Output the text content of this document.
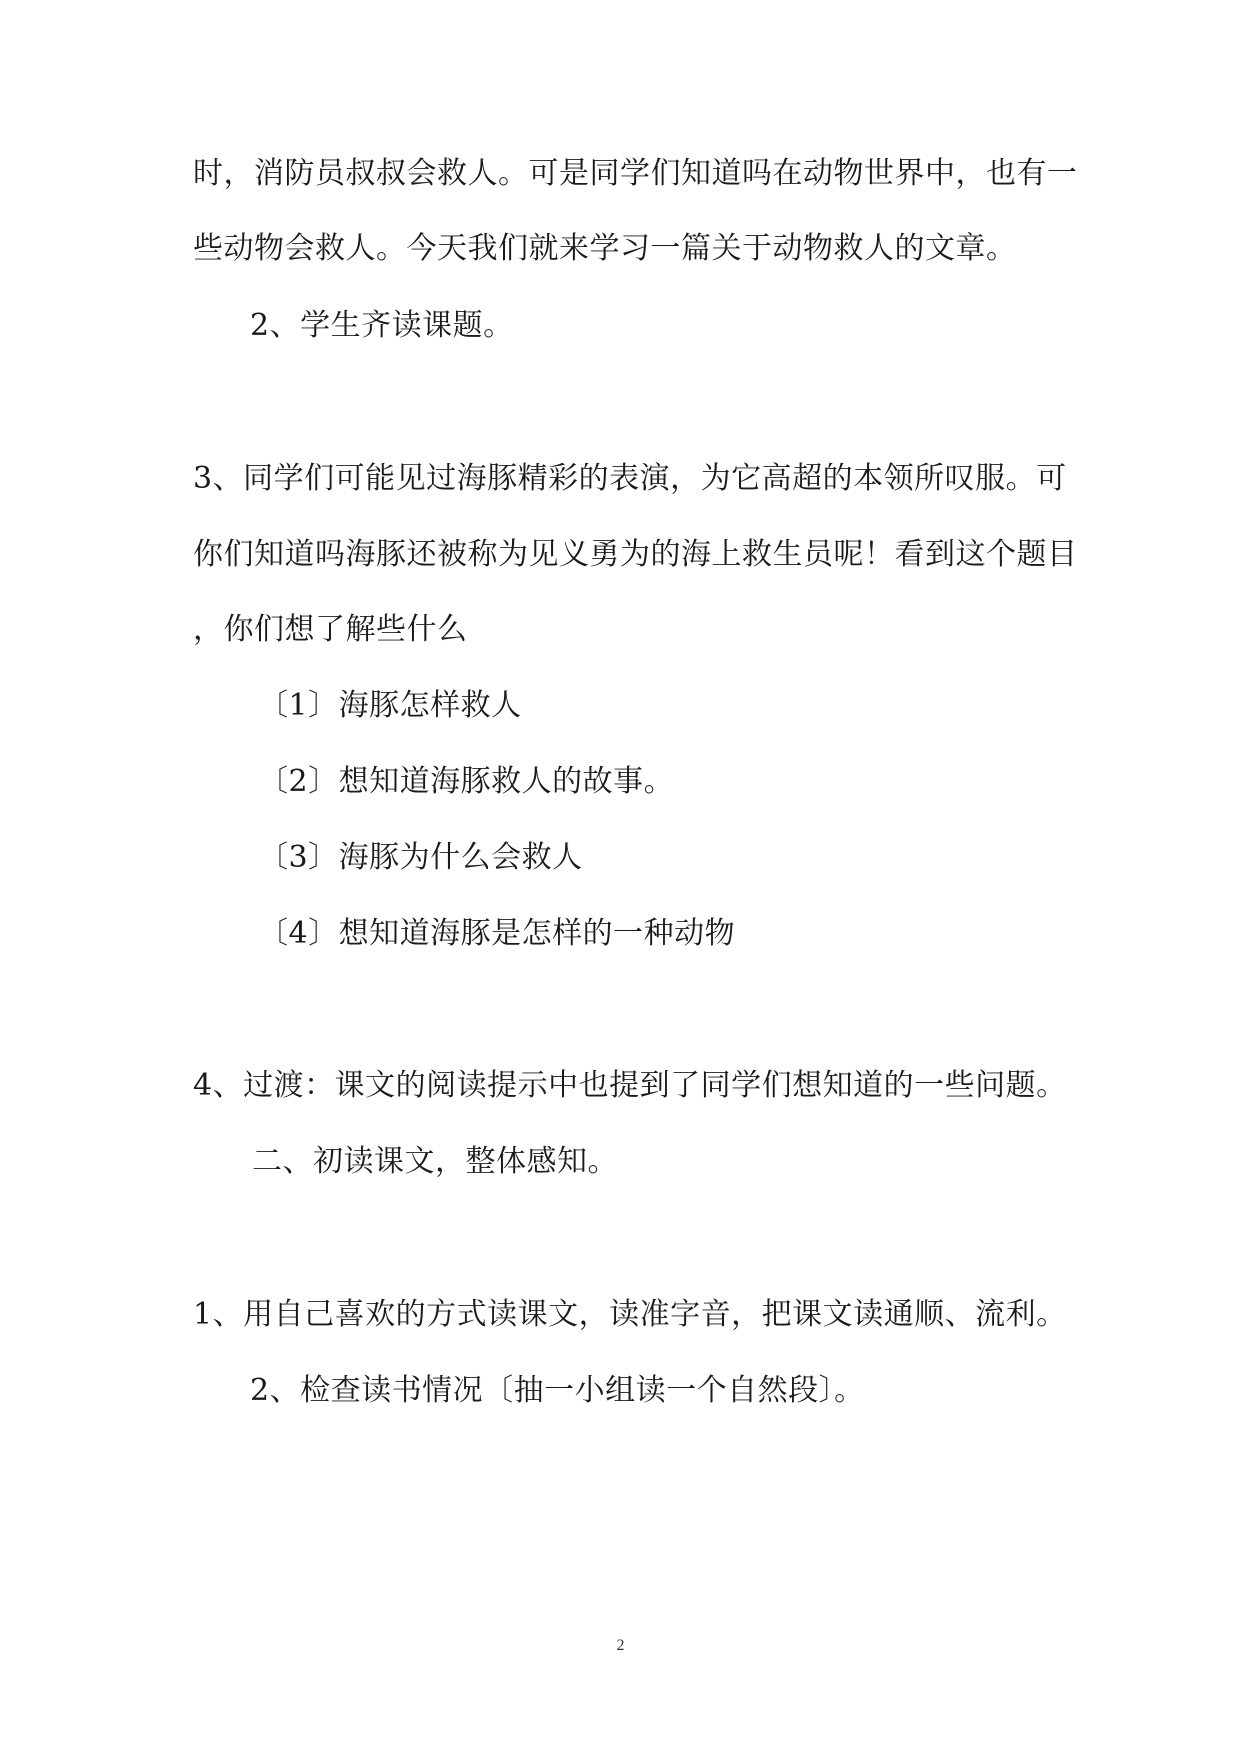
时，消防员叔叔会救人。可是同学们知道吗在动物世界中，也有一
些动物会救人。今天我们就来学习一篇关于动物救人的文章。
2、学生齐读课题。
3、同学们可能见过海豚精彩的表演，为它高超的本领所叹服。可
你们知道吗海豚还被称为见义勇为的海上救生员呢！看到这个题目
，你们想了解些什么
〔1〕海豚怎样救人
〔2〕想知道海豚救人的故事。
〔3〕海豚为什么会救人
〔4〕想知道海豚是怎样的一种动物
4、过渡：课文的阅读提示中也提到了同学们想知道的一些问题。
二、初读课文，整体感知。
1、用自己喜欢的方式读课文，读准字音，把课文读通顺、流利。
2、检查读书情况〔抽一小组读一个自然段〕。
2
